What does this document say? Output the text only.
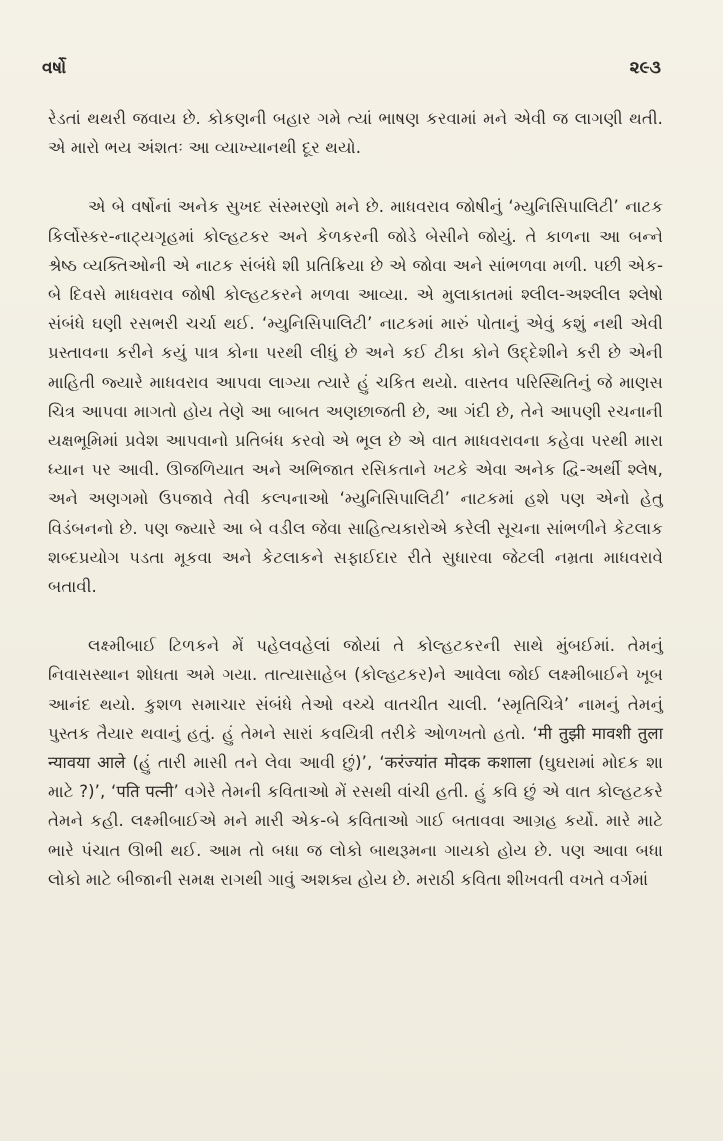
વર્ષો	૨૯૩

રેડતાં થથરી જવાય છે. કોકણની બહાર ગમે ત્યાં ભાષણ કરવામાં મને એવી જ લાગણી થતી. એ મારો ભય અંશતઃ આ વ્યાખ્યાનથી દૂર થયો.

એ બે વર્ષોનાં અનેક સુખદ સંસ્મરણો મને છે. માધવરાવ જોષીનું ‘મ્યુનિસિપાલિટી’ નાટક કિર્લોસ્કર-નાટ્યગૃહમાં કોલ્હટકર અને કેળકરની જોડે બેસીને જોયું. તે કાળના આ બન્ને શ્રેષ્ઠ વ્યક્તિઓની એ નાટક સંબંધે શી પ્રતિક્રિયા છે એ જોવા અને સાંભળવા મળી. પછી એક-બે દિવસે માધવરાવ જોષી કોલ્હટકરને મળવા આવ્યા. એ મુલાકાતમાં શ્લીલ-અશ્લીલ શ્લેષો સંબંધે ઘણી રસભરી ચર્ચા થઈ. ‘મ્યુનિસિપાલિટી’ નાટકમાં મારું પોતાનું એવું કશું નથી એવી પ્રસ્તાવના કરીને કયું પાત્ર કોના પરથી લીધું છે અને કઈ ટીકા કોને ઉદ્દેશીને કરી છે એની માહિતી જ્યારે માધવરાવ આપવા લાગ્યા ત્યારે હું ચકિત થયો. વાસ્તવ પરિસ્થિતિનું જે માણસ ચિત્ર આપવા માગતો હોય તેણે આ બાબત અણછાજતી છે, આ ગંદી છે, તેને આપણી રચનાની યક્ષભૂમિમાં પ્રવેશ આપવાનો પ્રતિબંધ કરવો એ ભૂલ છે એ વાત માધવરાવના કહેવા પરથી મારા ધ્યાન પર આવી. ઊજળિયાત અને અભિજાત રસિકતાને ખટકે એવા અનેક દ્વિ-અર્થી શ્લેષ, અને અણગમો ઉપજાવે તેવી કલ્પનાઓ ‘મ્યુનિસિપાલિટી’ નાટકમાં હશે પણ એનો હેતુ વિડંબનનો છે. પણ જ્યારે આ બે વડીલ જેવા સાહિત્યકારોએ કરેલી સૂચના સાંભળીને કેટલાક શબ્દપ્રયોગ પડતા મૂકવા અને કેટલાકને સફાઈદાર રીતે સુધારવા જેટલી નમ્રતા માધવરાવે બતાવી.

લક્ષ્મીબાઈ ટિળકને મેં પહેલવહેલાં જોયાં તે કોલ્હટકરની સાથે મુંબઈમાં. તેમનું નિવાસસ્થાન શોધતા અમે ગયા. તાત્યાસાહેબ (કોલ્હટકર)ને આવેલા જોઈ લક્ષ્મીબાઈને ખૂબ આનંદ થયો. કુશળ સમાચાર સંબંધે તેઓ વચ્ચે વાતચીત ચાલી. ‘સ્મૃતિચિત્રે’ નામનું તેમનું પુસ્તક તૈયાર થવાનું હતું. હું તેમને સારાં કવયિત્રી તરીકે ઓળખતો હતો. ‘मी तुझी मावशी तुला न्यावया आले (હું તારી માસી તને લેવા આવી છું)’, ‘करंज्यांत मोदक कशाला (ઘુઘરામાં મોદક શા માટે ?)’, ‘पति पत्नी’ વગેરે તેમની કવિતાઓ મેં રસથી વાંચી હતી. હું કવિ છું એ વાત કોલ્હટકરે તેમને કહી. લક્ષ્મીબાઈએ મને મારી એક-બે કવિતાઓ ગાઈ બતાવવા આગ્રહ કર્યો. મારે માટે ભારે પંચાત ઊભી થઈ. આમ તો બધા જ લોકો બાથરૂમના ગાયકો હોય છે. પણ આવા બધા લોકો માટે બીજાની સમક્ષ રાગથી ગાવું અશક્ય હોય છે. મરાઠી કવિતા શીખવતી વખતે વર્ગમાં
